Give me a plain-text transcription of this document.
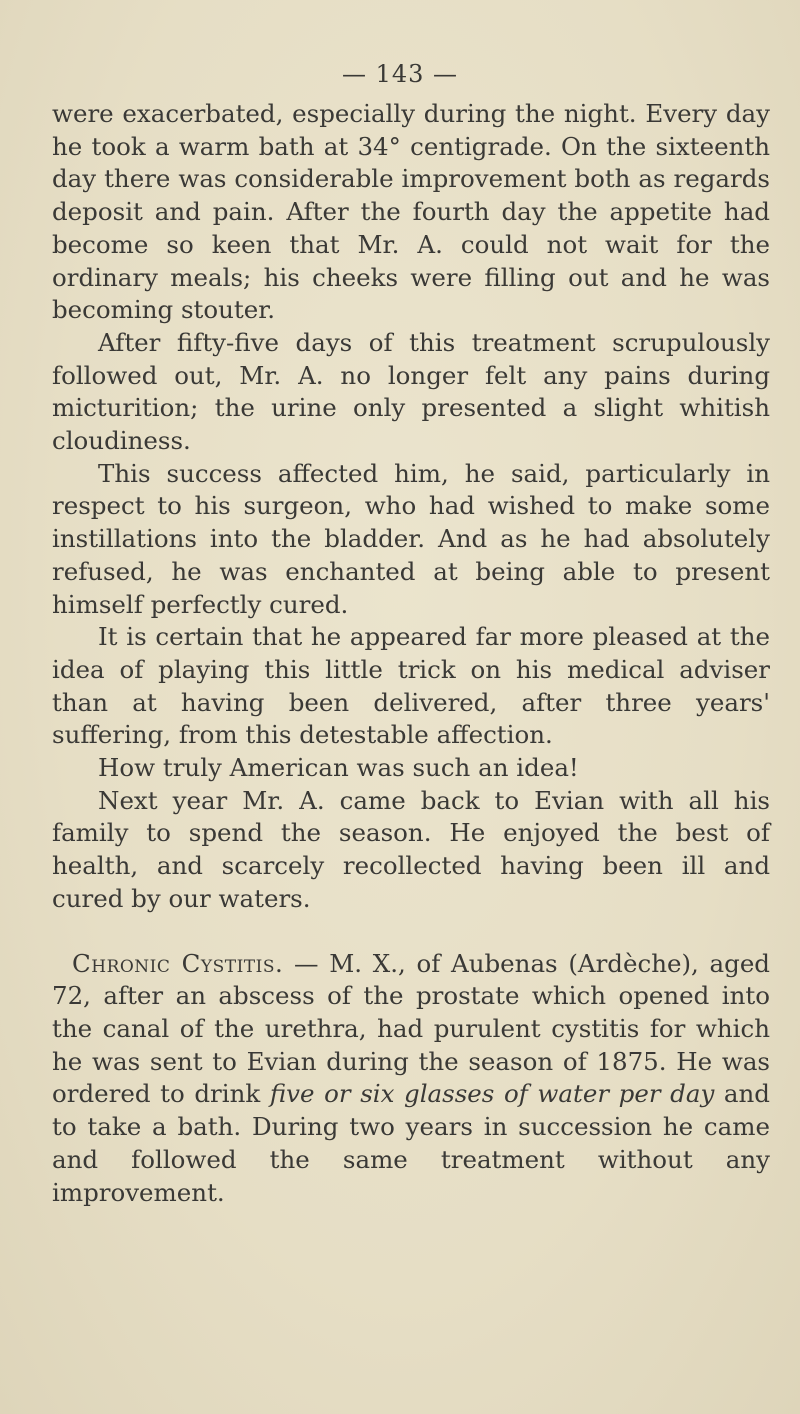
— 143 —

were exacerbated, especially during the night. Every day he took a warm bath at 34° centigrade. On the sixteenth day there was considerable improvement both as regards deposit and pain. After the fourth day the appetite had become so keen that Mr. A. could not wait for the ordinary meals; his cheeks were filling out and he was becoming stouter.

After fifty-five days of this treatment scrupulously followed out, Mr. A. no longer felt any pains during micturition; the urine only presented a slight whitish cloudiness.

This success affected him, he said, particularly in respect to his surgeon, who had wished to make some instillations into the bladder. And as he had absolutely refused, he was enchanted at being able to present himself perfectly cured.

It is certain that he appeared far more pleased at the idea of playing this little trick on his medical adviser than at having been delivered, after three years' suffering, from this detestable affection.

How truly American was such an idea!

Next year Mr. A. came back to Evian with all his family to spend the season. He enjoyed the best of health, and scarcely recollected having been ill and cured by our waters.

Chronic Cystitis. — M. X., of Aubenas (Ardèche), aged 72, after an abscess of the prostate which opened into the canal of the urethra, had purulent cystitis for which he was sent to Evian during the season of 1875. He was ordered to drink five or six glasses of water per day and to take a bath. During two years in succession he came and followed the same treatment without any improvement.
